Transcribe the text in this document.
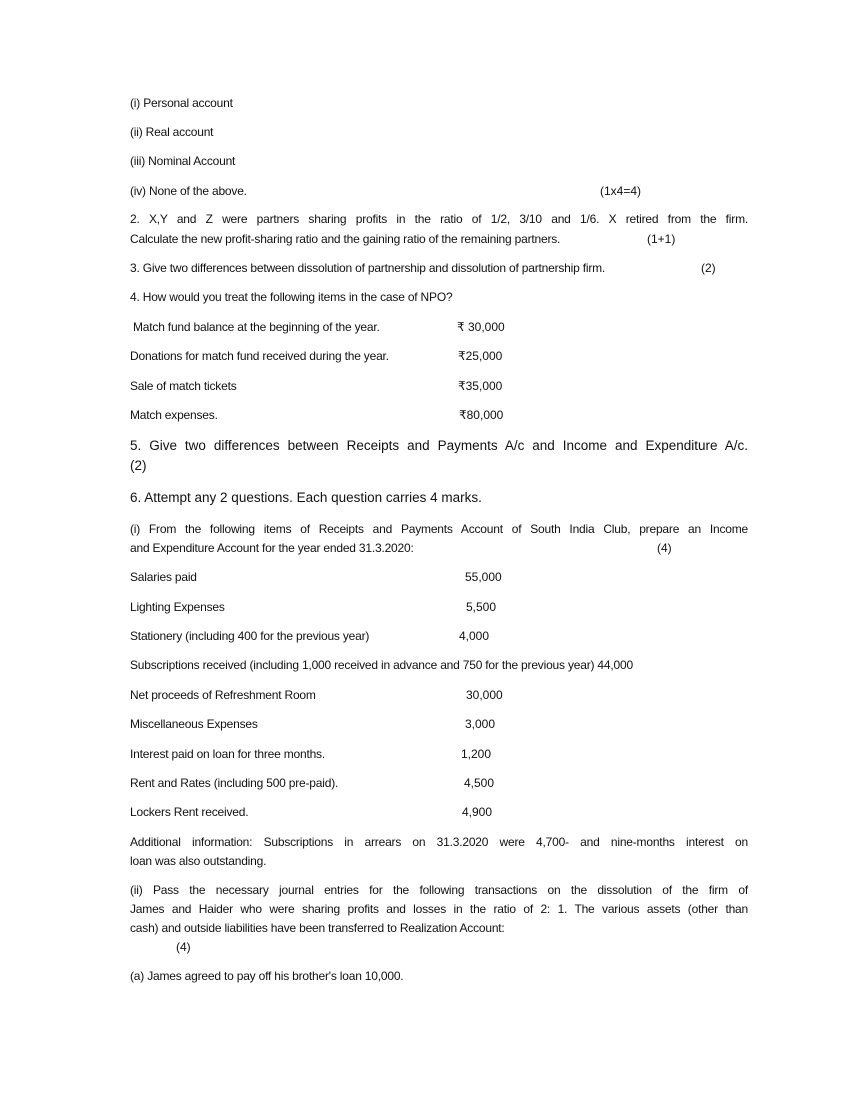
(i) Personal account
(ii) Real account
(iii) Nominal Account
(iv) None of the above.	(1x4=4)
2. X,Y and Z were partners sharing profits in the ratio of 1/2, 3/10 and 1/6. X retired from the firm.
Calculate the new profit-sharing ratio and the gaining ratio of the remaining partners.	(1+1)
3. Give two differences between dissolution of partnership and dissolution of partnership firm.	(2)
4. How would you treat the following items in the case of NPO?
Match fund balance at the beginning of the year.	₹ 30,000
Donations for match fund received during the year.	₹25,000
Sale of match tickets	₹35,000
Match expenses.	₹80,000
5. Give two differences between Receipts and Payments A/c and Income and Expenditure A/c.
(2)
6. Attempt any 2 questions. Each question carries 4 marks.
(i) From the following items of Receipts and Payments Account of South India Club, prepare an Income
and Expenditure Account for the year ended 31.3.2020:	(4)
Salaries paid	55,000
Lighting Expenses	5,500
Stationery (including 400 for the previous year)	4,000
Subscriptions received (including 1,000 received in advance and 750 for the previous year) 44,000
Net proceeds of Refreshment Room	30,000
Miscellaneous Expenses	3,000
Interest paid on loan for three months.	1,200
Rent and Rates (including 500 pre-paid).	4,500
Lockers Rent received.	4,900
Additional information: Subscriptions in arrears on 31.3.2020 were 4,700- and nine-months interest on
loan was also outstanding.
(ii) Pass the necessary journal entries for the following transactions on the dissolution of the firm of
James and Haider who were sharing profits and losses in the ratio of 2: 1. The various assets (other than
cash) and outside liabilities have been transferred to Realization Account:
(4)
(a) James agreed to pay off his brother's loan 10,000.
